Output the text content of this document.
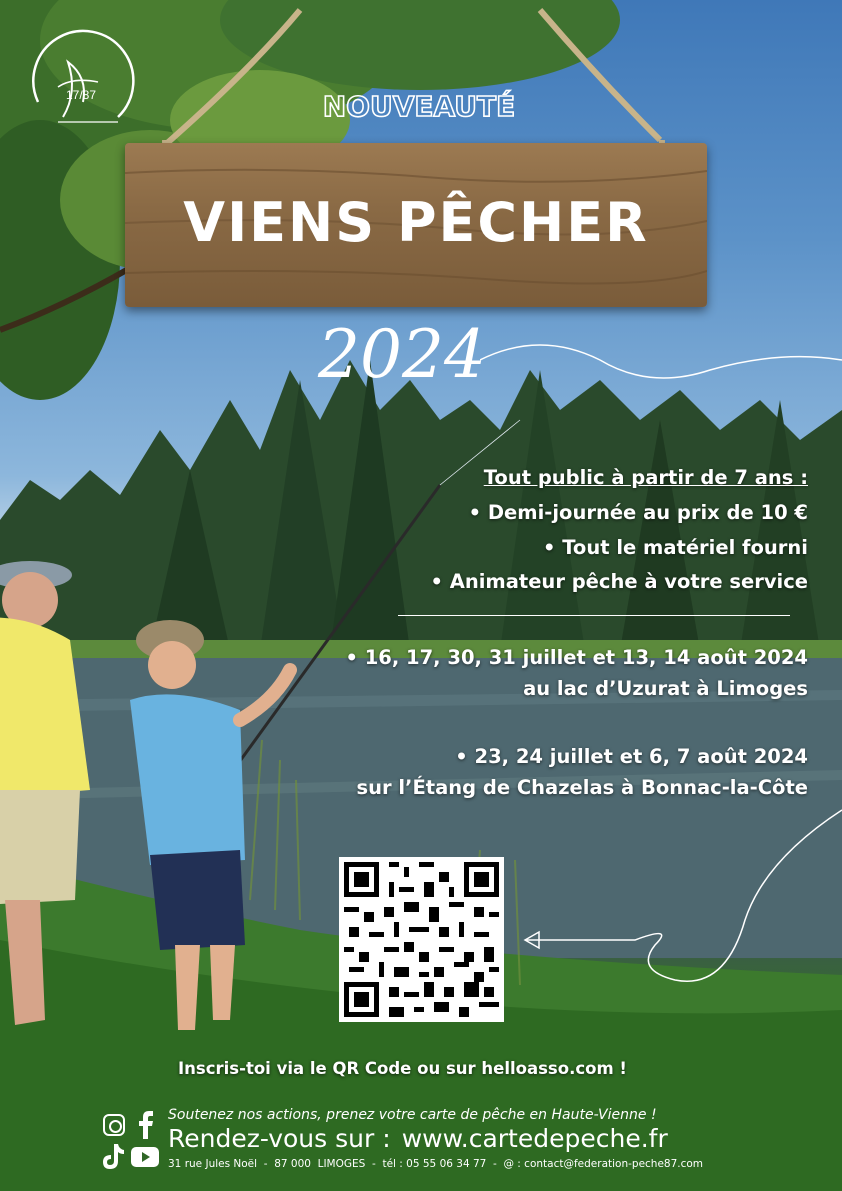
17/87	NOUVEAUTÉ
VIENS PÊCHER
2024
Tout public à partir de 7 ans :
• Demi-journée au prix de 10 €
• Tout le matériel fourni
• Animateur pêche à votre service
• 16, 17, 30, 31 juillet et 13, 14 août 2024
au lac d’Uzurat à Limoges
• 23, 24 juillet et 6, 7 août 2024
sur l’Étang de Chazelas à Bonnac-la-Côte
Inscris-toi via le QR Code ou sur helloasso.com !
Soutenez nos actions, prenez votre carte de pêche en Haute-Vienne !
Rendez-vous sur : www.cartedepeche.fr
31 rue Jules Noël  -  87 000  LIMOGES  -  tél : 05 55 06 34 77  -  @ : contact@federation-peche87.com
